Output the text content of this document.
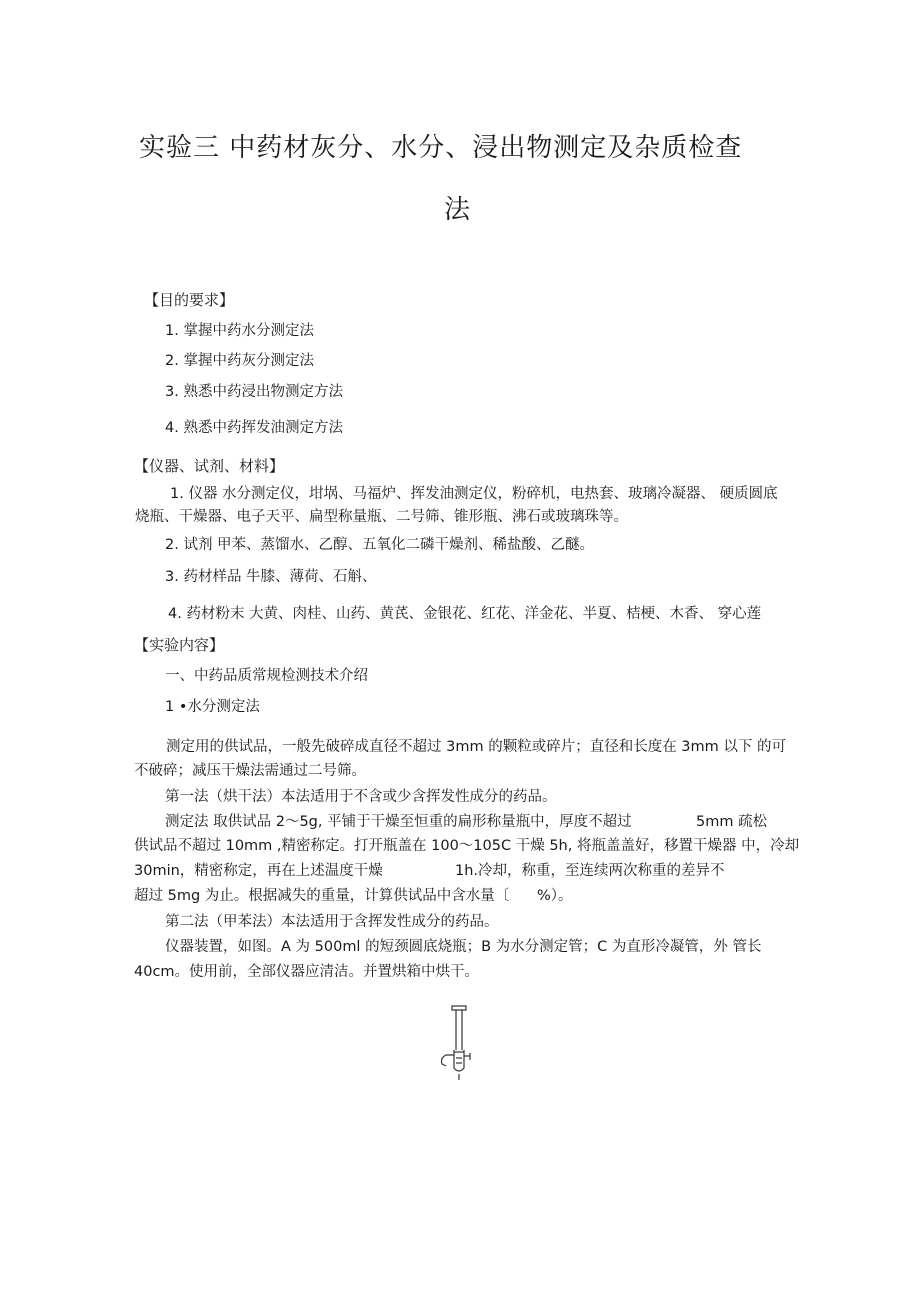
实验三 中药材灰分、水分、浸出物测定及杂质检查
法
【目的要求】
1. 掌握中药水分测定法
2. 掌握中药灰分测定法
3. 熟悉中药浸出物测定方法
4. 熟悉中药挥发油测定方法
【仪器、试剂、材料】
1. 仪器 水分测定仪，坩埚、马福炉、挥发油测定仪，粉碎机，电热套、玻璃冷凝器、 硬质圆底
烧瓶、干燥器、电子天平、扁型称量瓶、二号筛、锥形瓶、沸石或玻璃珠等。
2. 试剂 甲苯、蒸馏水、乙醇、五氧化二磷干燥剂、稀盐酸、乙醚。
3. 药材样品 牛膝、薄荷、石斛、
4. 药材粉末 大黄、肉桂、山药、黄芪、金银花、红花、洋金花、半夏、桔梗、木香、 穿心莲
【实验内容】
一、中药品质常规检测技术介绍
1 •水分测定法
测定用的供试品，一般先破碎成直径不超过 3mm 的颗粒或碎片；直径和长度在 3mm 以下 的可
不破碎；减压干燥法需通过二号筛。
第一法（烘干法）本法适用于不含或少含挥发性成分的药品。
测定法 取供试品 2〜5g, 平铺于干燥至恒重的扁形称量瓶中，厚度不超过	5mm 疏松
供试品不超过 10mm ,精密称定。打开瓶盖在 100〜105C 干燥 5h, 将瓶盖盖好，移置干燥器 中，冷却
30min，精密称定，再在上述温度干燥	1h.冷却，称重，至连续两次称重的差异不
超过 5mg 为止。根据减失的重量，计算供试品中含水量〔 %）。
第二法（甲苯法）本法适用于含挥发性成分的药品。
仪器装置，如图。A 为 500ml 的短颈圆底烧瓶；B 为水分测定管；C 为直形冷凝管，外 管长
40cm。使用前，全部仪器应清洁。并置烘箱中烘干。
